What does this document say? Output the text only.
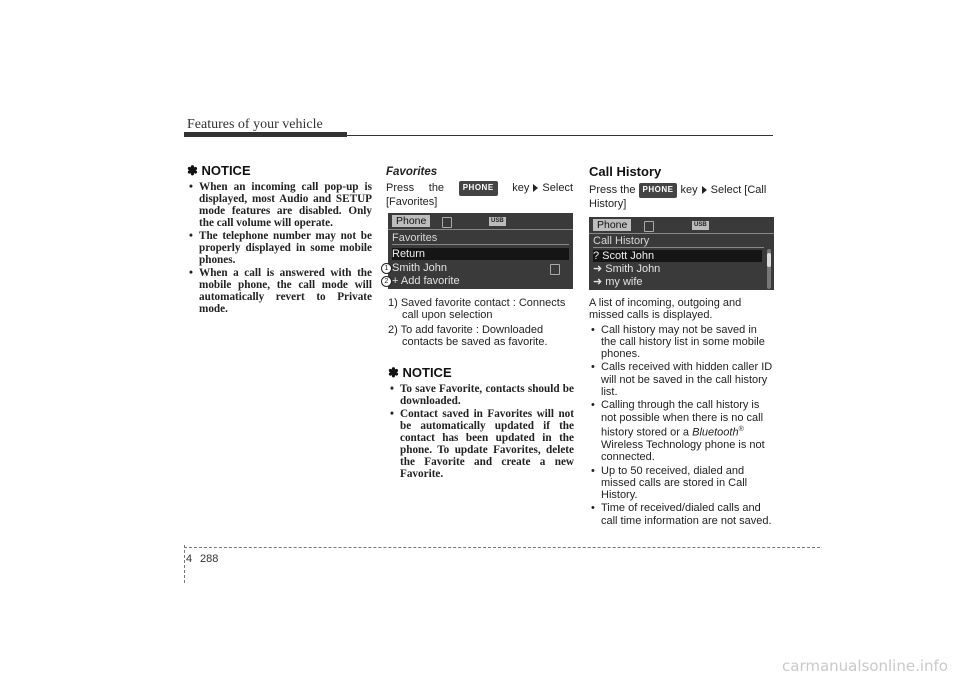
Features of your vehicle
✽ NOTICE
• When an incoming call pop-up is displayed, most Audio and SETUP mode features are disabled. Only the call volume will operate.
• The telephone number may not be properly displayed in some mobile phones.
• When a call is answered with the mobile phone, the call mode will automatically revert to Private mode.
Favorites
Press the PHONE key Select [Favorites]
Phone	USB
Favorites
Return
Smith John
+ Add favorite
1
2
1) Saved favorite contact : Connects call upon selection
2) To add favorite : Downloaded contacts be saved as favorite.
✽ NOTICE
• To save Favorite, contacts should be downloaded.
• Contact saved in Favorites will not be automatically updated if the contact has been updated in the phone. To update Favorites, delete the Favorite and create a new Favorite.
Call History
Press the PHONE key Select [Call History]
Phone	USB
Call History
? Scott John
➜ Smith John
➜ my wife
A list of incoming, outgoing and missed calls is displayed.
• Call history may not be saved in the call history list in some mobile phones.
• Calls received with hidden caller ID will not be saved in the call history list.
• Calling through the call history is not possible when there is no call history stored or a Bluetooth® Wireless Technology phone is not connected.
• Up to 50 received, dialed and missed calls are stored in Call History.
• Time of received/dialed calls and call time information are not saved.
4 288
carmanualsonline.info
